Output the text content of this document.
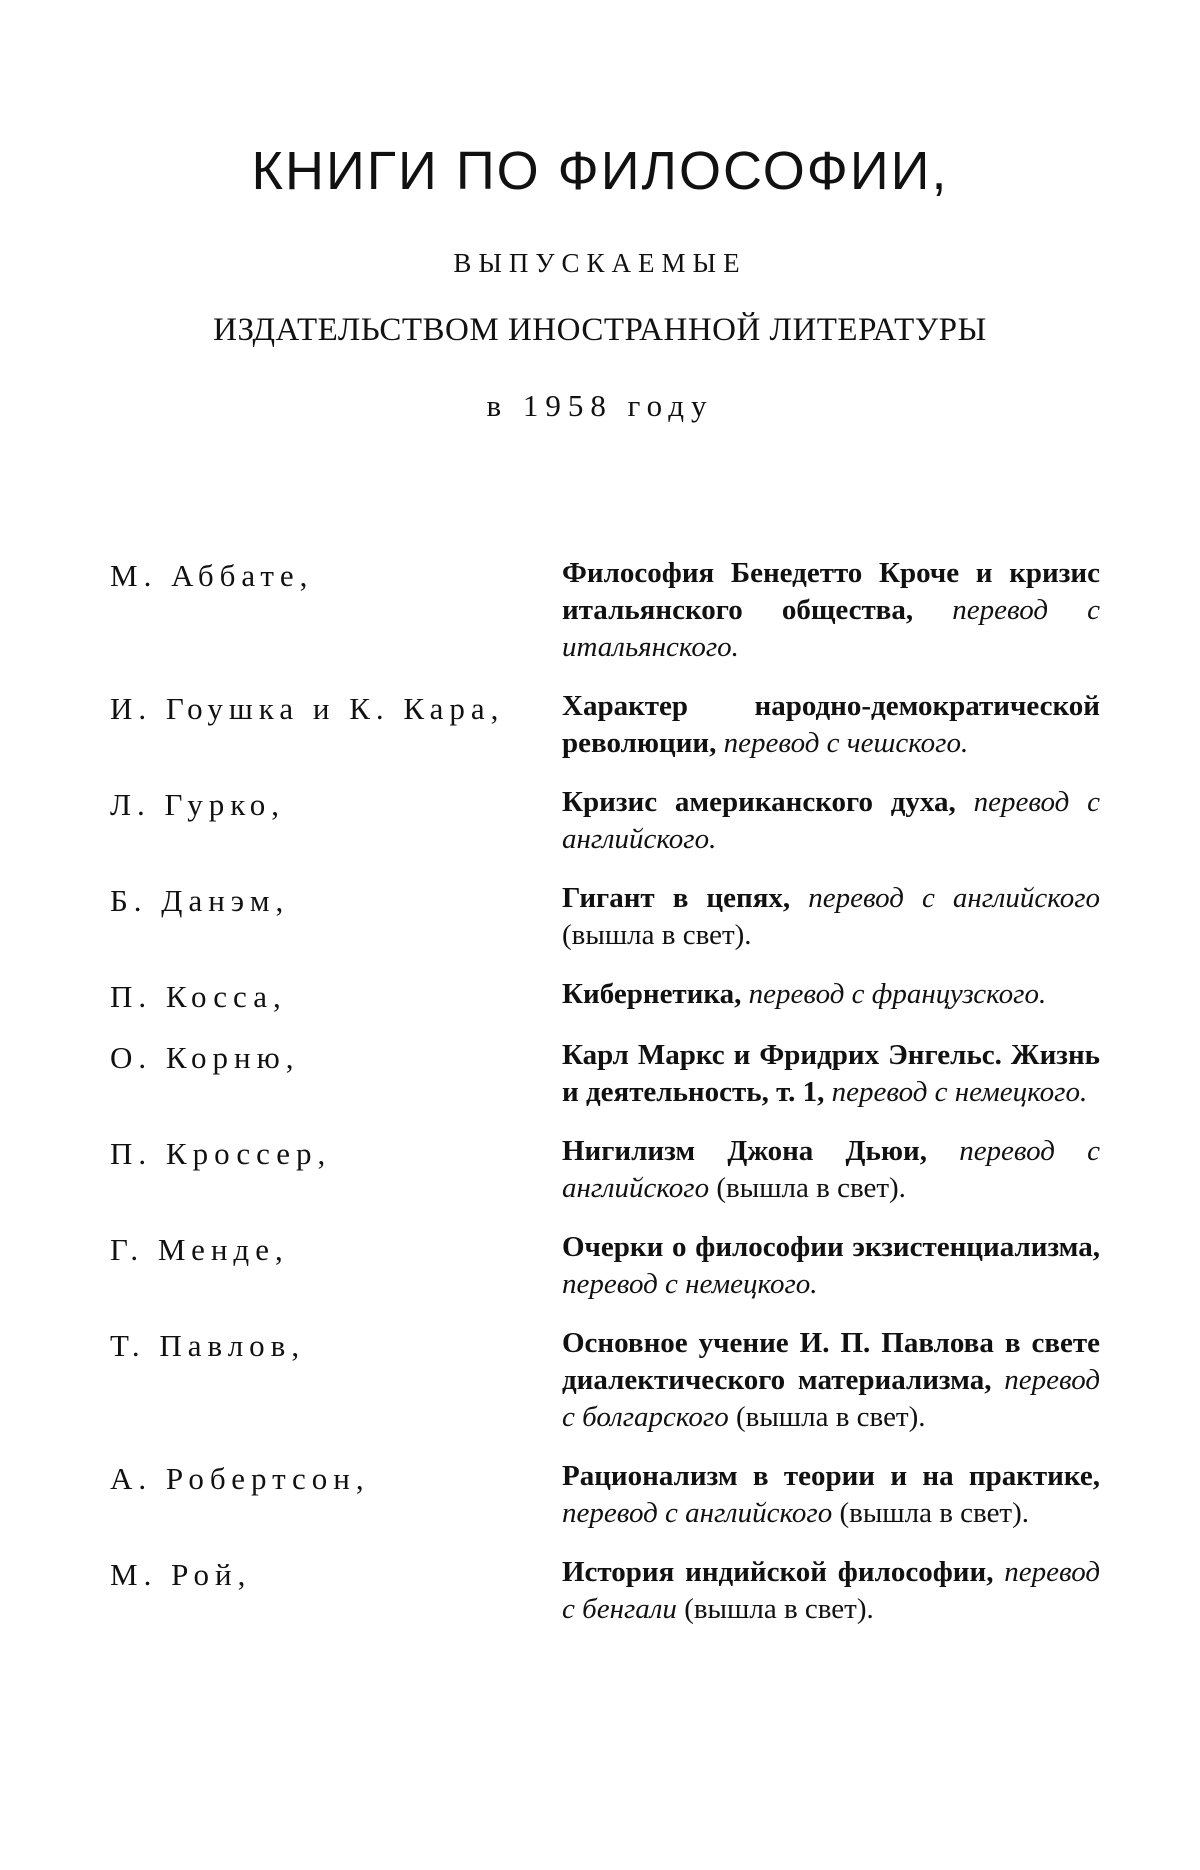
КНИГИ ПО ФИЛОСОФИИ,
ВЫПУСКАЕМЫЕ
ИЗДАТЕЛЬСТВОМ ИНОСТРАННОЙ ЛИТЕРАТУРЫ
в 1958 году
М. Аббате,	Философия Бенедетто Кроче и кризис итальянского общества, перевод с итальянского.
И. Гоушка и К. Кара,	Характер народно-демократической революции, перевод с чешского.
Л. Гурко,	Кризис американского духа, перевод с английского.
Б. Данэм,	Гигант в цепях, перевод с английского (вышла в свет).
П. Косса,	Кибернетика, перевод с французского.
О. Корню,	Карл Маркс и Фридрих Энгельс. Жизнь и деятельность, т. 1, перевод с немецкого.
П. Кроссер,	Нигилизм Джона Дьюи, перевод с английского (вышла в свет).
Г. Менде,	Очерки о философии экзистенциализма, перевод с немецкого.
Т. Павлов,	Основное учение И. П. Павлова в свете диалектического материализма, перевод с болгарского (вышла в свет).
А. Робертсон,	Рационализм в теории и на практике, перевод с английского (вышла в свет).
М. Рой,	История индийской философии, перевод с бенгали (вышла в свет).
